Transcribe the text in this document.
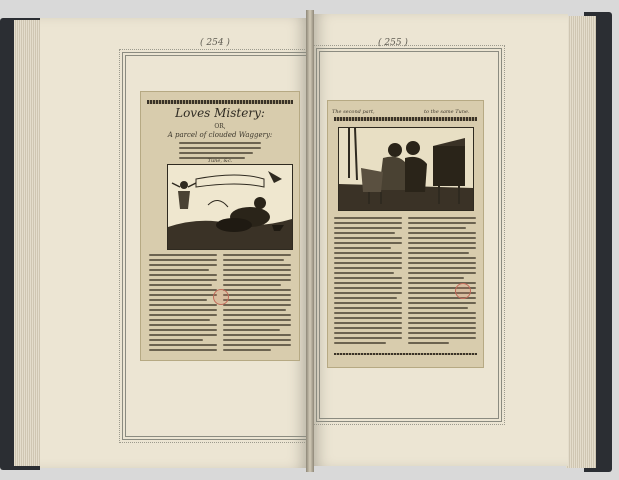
( 254 )	( 255 )
Loves Mistery:
OR,
A parcel of clouded Waggery:
Tune, &c.
The second part,	to the same Tune.
